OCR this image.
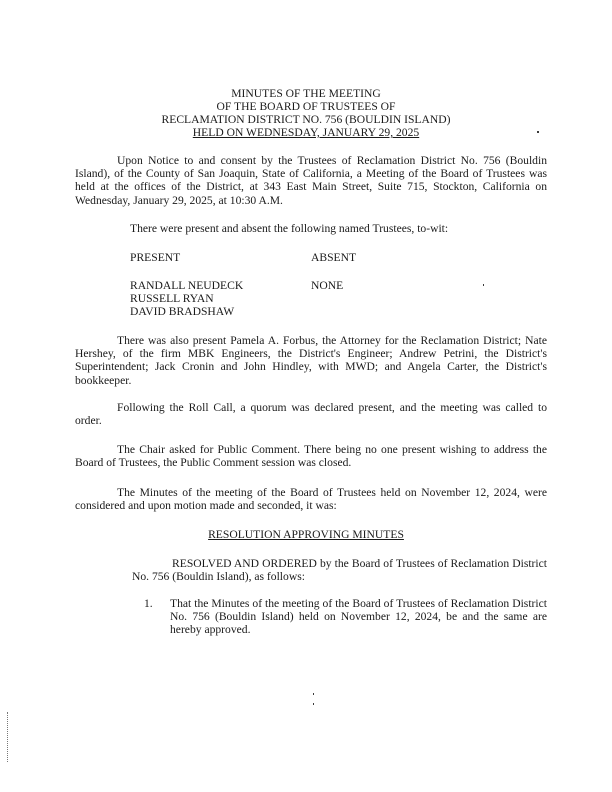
MINUTES OF THE MEETING
OF THE BOARD OF TRUSTEES OF
RECLAMATION DISTRICT NO. 756 (BOULDIN ISLAND)
HELD ON WEDNESDAY, JANUARY 29, 2025
Upon Notice to and consent by the Trustees of Reclamation District No. 756 (Bouldin Island), of the County of San Joaquin, State of California, a Meeting of the Board of Trustees was held at the offices of the District, at 343 East Main Street, Suite 715, Stockton, California on Wednesday, January 29, 2025, at 10:30 A.M.
There were present and absent the following named Trustees, to-wit:
PRESENT	ABSENT
RANDALL NEUDECK
RUSSELL RYAN
DAVID BRADSHAW
NONE
There was also present Pamela A. Forbus, the Attorney for the Reclamation District; Nate Hershey, of the firm MBK Engineers, the District's Engineer; Andrew Petrini, the District's Superintendent; Jack Cronin and John Hindley, with MWD; and Angela Carter, the District's bookkeeper.
Following the Roll Call, a quorum was declared present, and the meeting was called to order.
The Chair asked for Public Comment. There being no one present wishing to address the Board of Trustees, the Public Comment session was closed.
The Minutes of the meeting of the Board of Trustees held on November 12, 2024, were considered and upon motion made and seconded, it was:
RESOLUTION APPROVING MINUTES
RESOLVED AND ORDERED by the Board of Trustees of Reclamation District No. 756 (Bouldin Island), as follows:
1. That the Minutes of the meeting of the Board of Trustees of Reclamation District No. 756 (Bouldin Island) held on November 12, 2024, be and the same are hereby approved.
